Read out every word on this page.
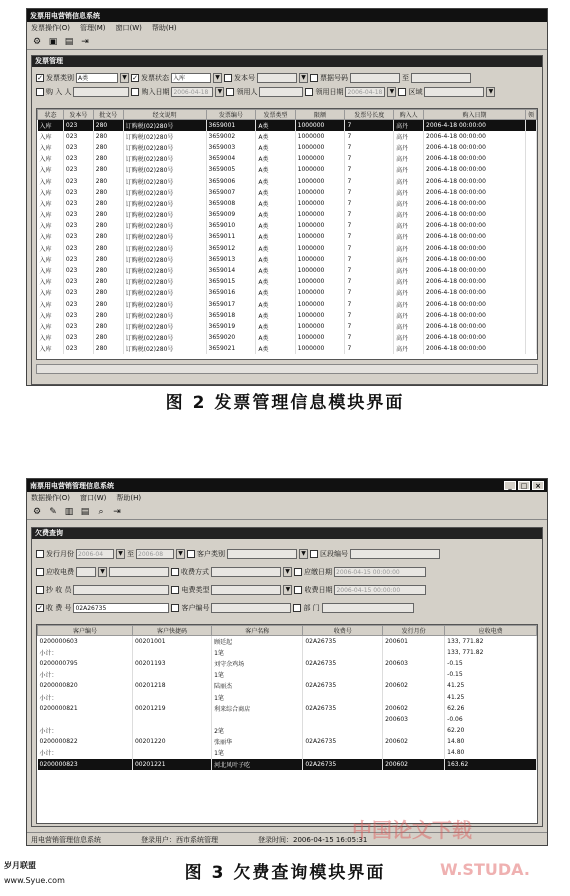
发票用电营销信息系统
发票操作(O) 管理(M) 窗口(W) 帮助(H)
⚙ ▣ ▤ ⇥
发票管理
✓ 发票类别 A类	▼ ✓ 发票状态 入库	▼	发本号	▼	票据号码	至
购 入 人	购入日期 2006-04-18	▼	领用人	领用日期 2006-04-18	▼	区域	▼
状态	发本号	批文号	经文说明	发票编号	发票类型	限额	发票号长度	购入人	购入日期	领
入库	023	280	订购税(02)280号	3659001	A类	1000000	7	高丹	2006-4-18 00:00:00	
入库	023	280	订购税(02)280号	3659002	A类	1000000	7	高丹	2006-4-18 00:00:00	
入库	023	280	订购税(02)280号	3659003	A类	1000000	7	高丹	2006-4-18 00:00:00	
入库	023	280	订购税(02)280号	3659004	A类	1000000	7	高丹	2006-4-18 00:00:00	
入库	023	280	订购税(02)280号	3659005	A类	1000000	7	高丹	2006-4-18 00:00:00	
入库	023	280	订购税(02)280号	3659006	A类	1000000	7	高丹	2006-4-18 00:00:00	
入库	023	280	订购税(02)280号	3659007	A类	1000000	7	高丹	2006-4-18 00:00:00	
入库	023	280	订购税(02)280号	3659008	A类	1000000	7	高丹	2006-4-18 00:00:00	
入库	023	280	订购税(02)280号	3659009	A类	1000000	7	高丹	2006-4-18 00:00:00	
入库	023	280	订购税(02)280号	3659010	A类	1000000	7	高丹	2006-4-18 00:00:00	
入库	023	280	订购税(02)280号	3659011	A类	1000000	7	高丹	2006-4-18 00:00:00	
入库	023	280	订购税(02)280号	3659012	A类	1000000	7	高丹	2006-4-18 00:00:00	
入库	023	280	订购税(02)280号	3659013	A类	1000000	7	高丹	2006-4-18 00:00:00	
入库	023	280	订购税(02)280号	3659014	A类	1000000	7	高丹	2006-4-18 00:00:00	
入库	023	280	订购税(02)280号	3659015	A类	1000000	7	高丹	2006-4-18 00:00:00	
入库	023	280	订购税(02)280号	3659016	A类	1000000	7	高丹	2006-4-18 00:00:00	
入库	023	280	订购税(02)280号	3659017	A类	1000000	7	高丹	2006-4-18 00:00:00	
入库	023	280	订购税(02)280号	3659018	A类	1000000	7	高丹	2006-4-18 00:00:00	
入库	023	280	订购税(02)280号	3659019	A类	1000000	7	高丹	2006-4-18 00:00:00	
入库	023	280	订购税(02)280号	3659020	A类	1000000	7	高丹	2006-4-18 00:00:00	
入库	023	280	订购税(02)280号	3659021	A类	1000000	7	高丹	2006-4-18 00:00:00	
图 2 发票管理信息模块界面
南票用电营销管理信息系统	_	□	×
数据操作(O) 窗口(W) 帮助(H)
⚙ ✎ ▥ ▤	⌕	⇥
欠费查询
发行月份 2006-04	▼ 至 2006-08	▼	客户类别	▼	区段编号
应收电费	▼	收费方式	▼	应缴日期 2006-04-15 00:00:00
抄 收 员	电费类型	▼	收费日期 2006-04-15 00:00:00
✓ 收 费 号 02A26735	客户编号	部 门
客户编号	客户快捷码	客户名称	收费号	发行月份	应收电费
0200000603	00201001	顾廷起	02A26735	200601	133, 771.82
小计：		1笔			133, 771.82
0200000795	00201193	刘守余鸡场	02A26735	200603	-0.15
小计：		1笔			-0.15
0200000820	00201218	陆丽杰	02A26735	200602	41.25
小计：		1笔			41.25
0200000821	00201219	利来综合商店	02A26735	200602	62.26
				200603	-0.06
小计：		2笔			62.20
0200000822	00201220	张丽华	02A26735	200602	14.80
小计：		1笔			14.80
0200000823	00201221	河北风叶子吃	02A26735	200602	163.62
用电营销管理信息系统	登录用户：西市系统管理	登录时间：2006-04-15 16:05:31
图 3 欠费查询模块界面
岁月联盟
www.Syue.com
中国论文下载
W.STUDA.
